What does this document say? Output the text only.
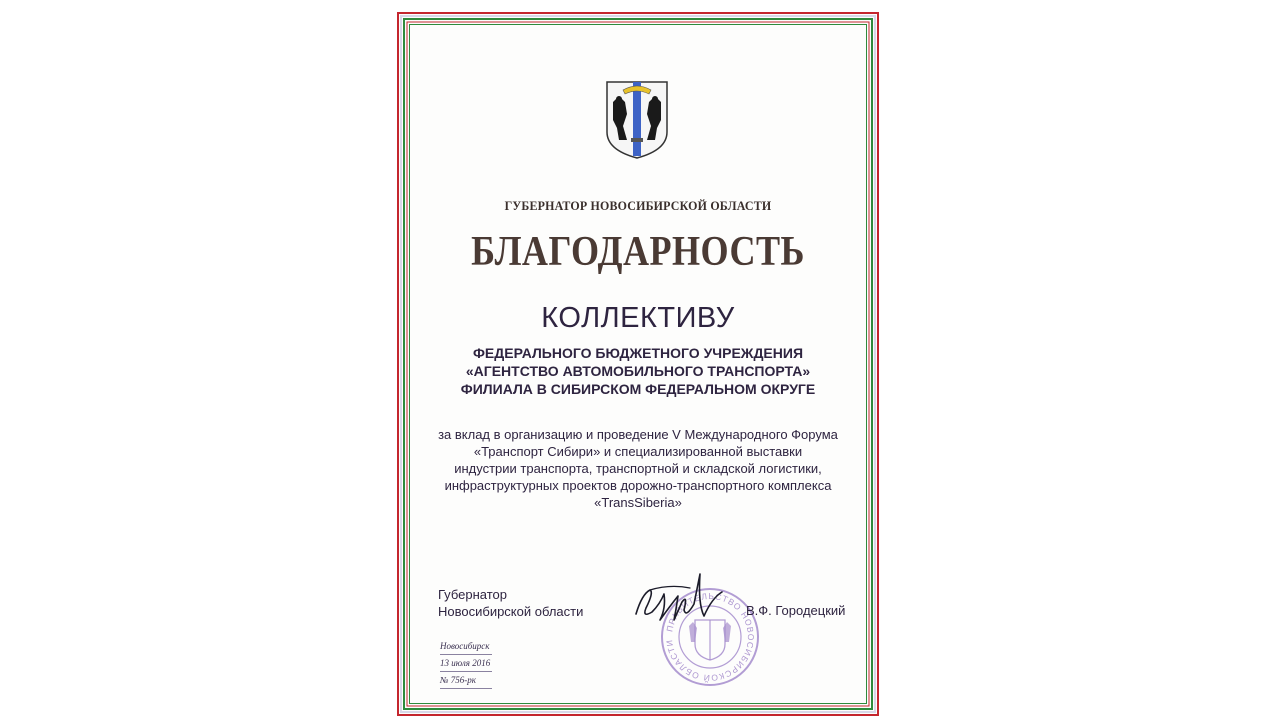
ГУБЕРНАТОР НОВОСИБИРСКОЙ ОБЛАСТИ
БЛАГОДАРНОСТЬ
КОЛЛЕКТИВУ
ФЕДЕРАЛЬНОГО БЮДЖЕТНОГО УЧРЕЖДЕНИЯ
«АГЕНТСТВО АВТОМОБИЛЬНОГО ТРАНСПОРТА»
ФИЛИАЛА В СИБИРСКОМ ФЕДЕРАЛЬНОМ ОКРУГЕ
за вклад в организацию и проведение V Международного Форума
«Транспорт Сибири» и специализированной выставки
индустрии транспорта, транспортной и складской логистики,
инфраструктурных проектов дорожно-транспортного комплекса
«TransSiberia»
Губернатор
Новосибирской области
ПРАВИТЕЛЬСТВО НОВОСИБИРСКОЙ ОБЛАСТИ
В.Ф. Городецкий
Новосибирск
13 июля 2016
№ 756-рк
